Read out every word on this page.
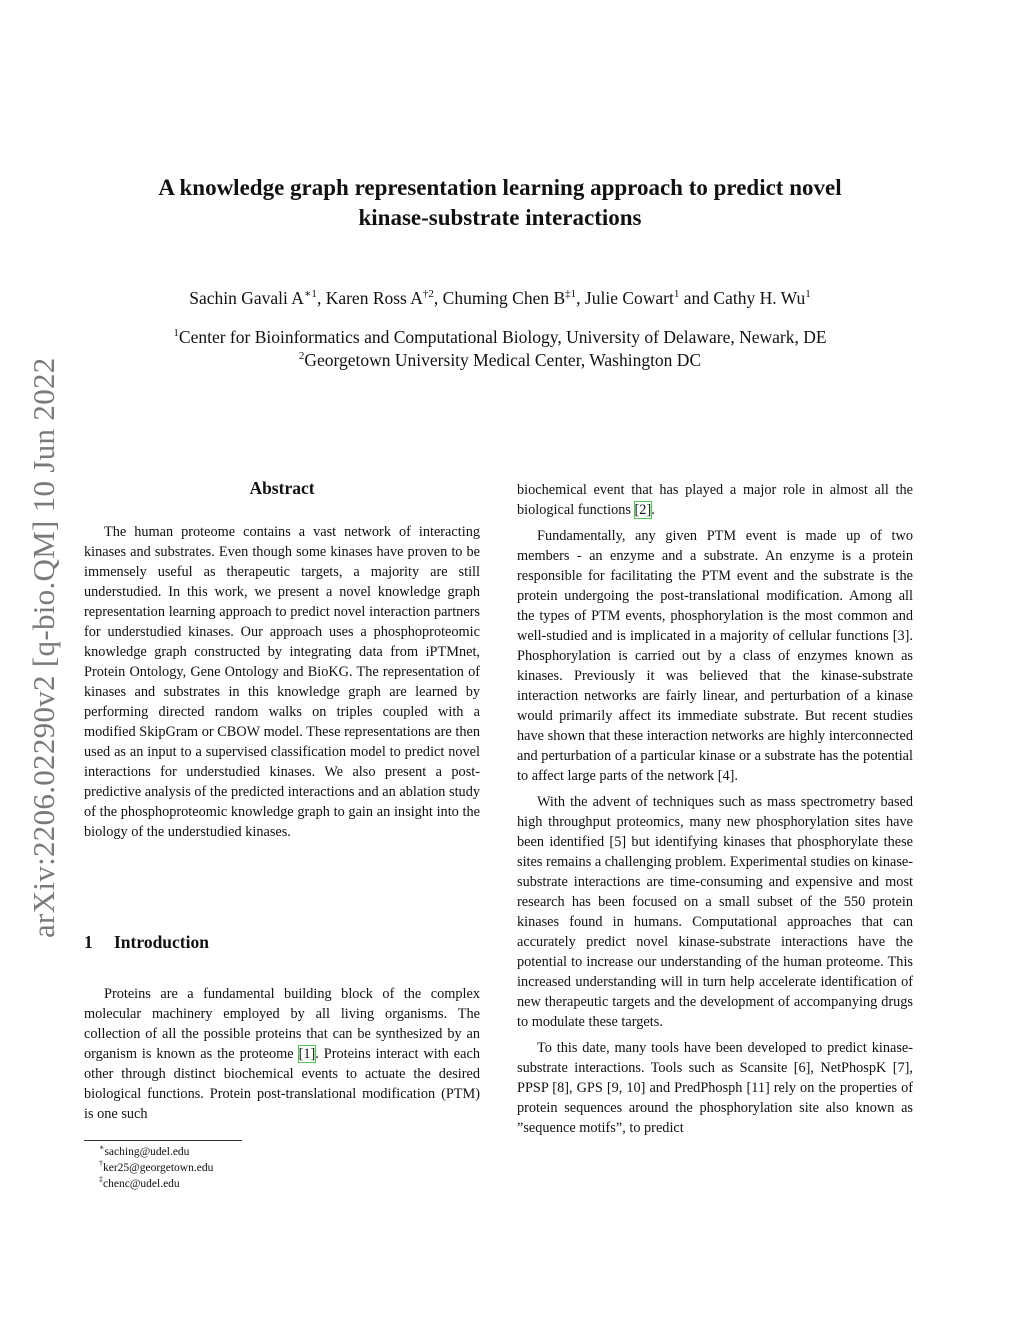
arXiv:2206.02290v2 [q-bio.QM] 10 Jun 2022
A knowledge graph representation learning approach to predict novel
kinase-substrate interactions
Sachin Gavali $A^{∗1}$, Karen Ross $A^{\dagger 2}$, Chuming Chen $B^{\ddagger 1}$, Julie Cowart$^1$ and Cathy H. Wu$^1$
$^1$Center for Bioinformatics and Computational Biology, University of Delaware, Newark, DE
$^2$Georgetown University Medical Center, Washington DC
Abstract

The human proteome contains a vast network of interacting kinases and substrates. Even though some kinases have proven to be immensely useful as therapeutic targets, a majority are still understudied. In this work, we present a novel knowledge graph representation learning approach to predict novel interaction partners for understudied kinases. Our approach uses a phosphoproteomic knowledge graph constructed by integrating data from iPTMnet, Protein Ontology, Gene Ontology and BioKG. The representation of kinases and substrates in this knowledge graph are learned by performing directed random walks on triples coupled with a modified SkipGram or CBOW model. These representations are then used as an input to a supervised classification model to predict novel interactions for understudied kinases. We also present a post-predictive analysis of the predicted interactions and an ablation study of the phosphoproteomic knowledge graph to gain an insight into the biology of the understudied kinases.

1 Introduction

Proteins are a fundamental building block of the complex molecular machinery employed by all living organisms. The collection of all the possible proteins that can be synthesized by an organism is known as the proteome [1]. Proteins interact with each other through distinct biochemical events to actuate the desired biological functions. Protein post-translational modification (PTM) is one such

∗saching@udel.edu
†ker25@georgetown.edu
‡chenc@udel.edu

biochemical event that has played a major role in almost all the biological functions [2].

Fundamentally, any given PTM event is made up of two members - an enzyme and a substrate. An enzyme is a protein responsible for facilitating the PTM event and the substrate is the protein undergoing the post-translational modification. Among all the types of PTM events, phosphorylation is the most common and well-studied and is implicated in a majority of cellular functions [3]. Phosphorylation is carried out by a class of enzymes known as kinases. Previously it was believed that the kinase-substrate interaction networks are fairly linear, and perturbation of a kinase would primarily affect its immediate substrate. But recent studies have shown that these interaction networks are highly interconnected and perturbation of a particular kinase or a substrate has the potential to affect large parts of the network [4].

With the advent of techniques such as mass spectrometry based high throughput proteomics, many new phosphorylation sites have been identified [5] but identifying kinases that phosphorylate these sites remains a challenging problem. Experimental studies on kinase-substrate interactions are time-consuming and expensive and most research has been focused on a small subset of the 550 protein kinases found in humans. Computational approaches that can accurately predict novel kinase-substrate interactions have the potential to increase our understanding of the human proteome. This increased understanding will in turn help accelerate identification of new therapeutic targets and the development of accompanying drugs to modulate these targets.

To this date, many tools have been developed to predict kinase-substrate interactions. Tools such as Scansite [6], NetPhospK [7], PPSP [8], GPS [9, 10] and PredPhosph [11] rely on the properties of protein sequences around the phosphorylation site also known as ”sequence motifs”, to predict
